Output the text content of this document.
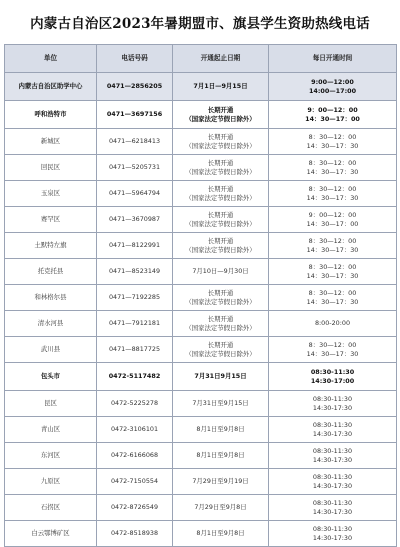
内蒙古自治区2023年暑期盟市、旗县学生资助热线电话
单位	电话号码	开通起止日期	每日开通时间
内蒙古自治区助学中心	0471—2856205	7月1日—9月15日	9:00—12:00
14:00—17:00

呼和浩特市	0471—3697156	长期开通
（国家法定节假日除外）	9：00—12：00
14：30—17：00

新城区	0471—6218413	长期开通
（国家法定节假日除外）	8：30—12：00
14：30—17：30

回民区	0471—5205731	长期开通
（国家法定节假日除外）	8：30—12：00
14：30—17：30

玉泉区	0471—5964794	长期开通
（国家法定节假日除外）	8：30—12：00
14：30—17：30

赛罕区	0471—3670987	长期开通
（国家法定节假日除外）	9：00—12：00
14：30—17：00

土默特左旗	0471—8122991	长期开通
（国家法定节假日除外）	8：30—12：00
14：30—17：30

托克托县	0471—8523149	7月10日—9月30日	8：30—12：00
14：30—17：30

和林格尔县	0471—7192285	长期开通
（国家法定节假日除外）	8：30—12：00
14：30—17：30

清水河县	0471—7912181	长期开通
（国家法定节假日除外）	8:00-20:00

武川县	0471—8817725	长期开通
（国家法定节假日除外）	8：30—12：00
14：30—17：30

包头市	0472-5117482	7月31日9月15日	08:30-11:30
14:30-17:00

昆区	0472-5225278	7月31日至9月15日	08:30-11:30
14:30-17:30

青山区	0472-3106101	8月1日至9月8日	08:30-11:30
14:30-17:30

东河区	0472-6166068	8月1日至9月8日	08:30-11:30
14:30-17:30

九原区	0472-7150554	7月29日至9月19日	08:30-11:30
14:30-17:30

石拐区	0472-8726549	7月29日至9月8日	08:30-11:30
14:30-17:30

白云鄂博矿区	0472-8518938	8月1日至9月8日	08:30-11:30
14:30-17:30
